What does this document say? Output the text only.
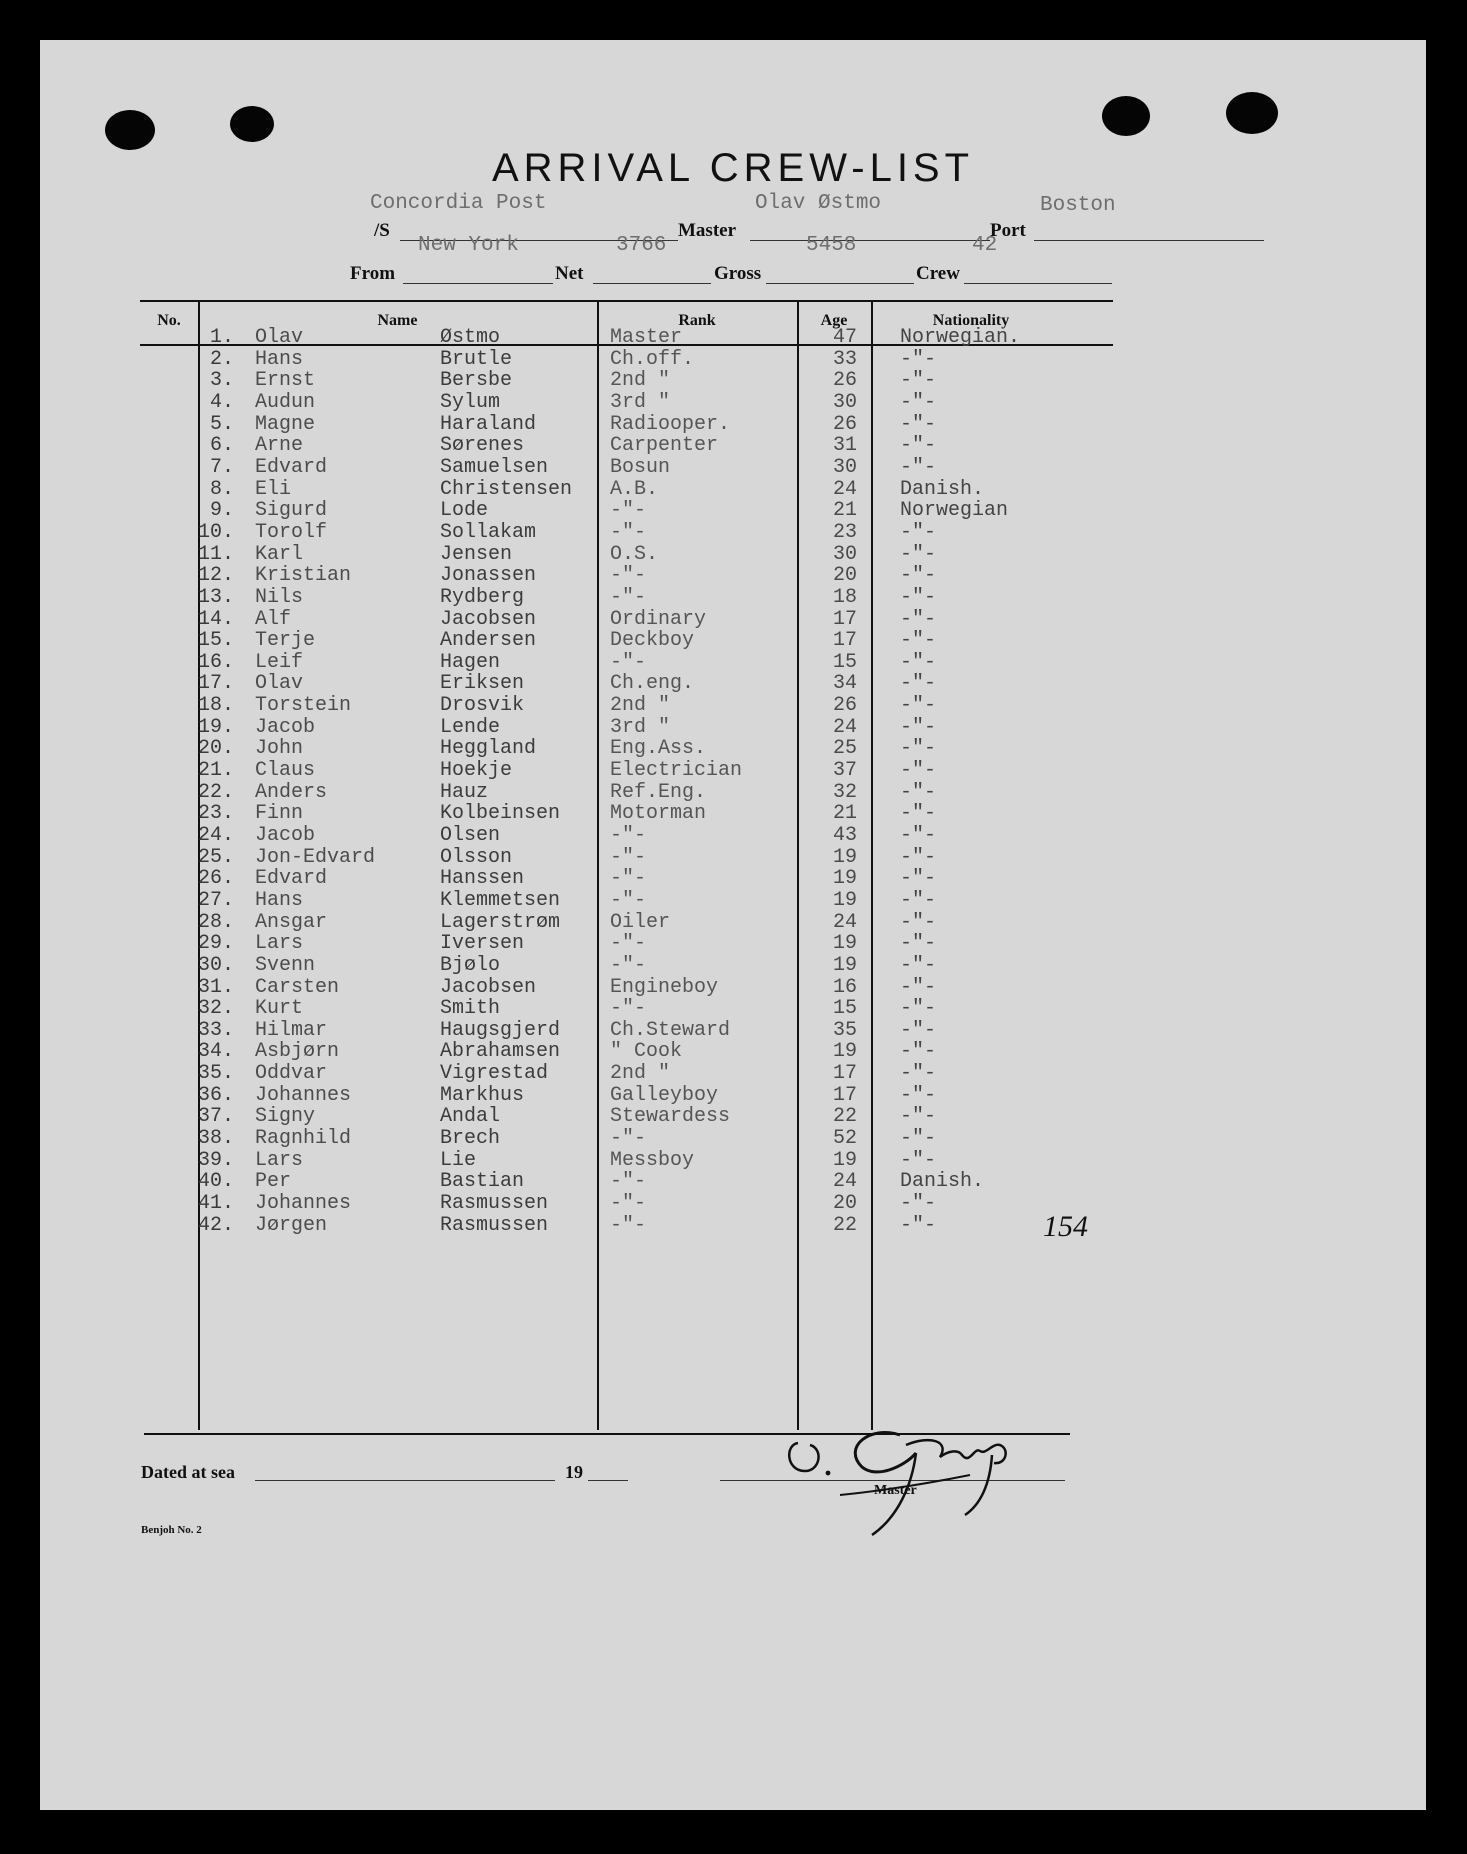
ARRIVAL CREW-LIST
/S	Master	Port
Concordia Post	Olav Østmo	Boston
From	Net	Gross	Crew
New York	3766	5458	42
No.	Name	Rank	Age	Nationality
1. Olav	Østmo	Master	47	Norwegian.
2. Hans	Brutle	Ch.off.	33	-"-
3. Ernst	Bersbe	2nd "	26	-"-
4. Audun	Sylum	3rd "	30	-"-
5. Magne	Haraland	Radiooper.	26	-"-
6. Arne	Sørenes	Carpenter	31	-"-
7. Edvard	Samuelsen	Bosun	30	-"-
8. Eli	Christensen	A.B.	24	Danish.
9. Sigurd	Lode	-"-	21	Norwegian
10. Torolf	Sollakam	-"-	23	-"-
11. Karl	Jensen	O.S.	30	-"-
12. Kristian	Jonassen	-"-	20	-"-
13. Nils	Rydberg	-"-	18	-"-
14. Alf	Jacobsen	Ordinary	17	-"-
15. Terje	Andersen	Deckboy	17	-"-
16. Leif	Hagen	-"-	15	-"-
17. Olav	Eriksen	Ch.eng.	34	-"-
18. Torstein	Drosvik	2nd "	26	-"-
19. Jacob	Lende	3rd "	24	-"-
20. John	Heggland	Eng.Ass.	25	-"-
21. Claus	Hoekje	Electrician	37	-"-
22. Anders	Hauz	Ref.Eng.	32	-"-
23. Finn	Kolbeinsen	Motorman	21	-"-
24. Jacob	Olsen	-"-	43	-"-
25. Jon-Edvard	Olsson	-"-	19	-"-
26. Edvard	Hanssen	-"-	19	-"-
27. Hans	Klemmetsen	-"-	19	-"-
28. Ansgar	Lagerstrøm	Oiler	24	-"-
29. Lars	Iversen	-"-	19	-"-
30. Svenn	Bjølo	-"-	19	-"-
31. Carsten	Jacobsen	Engineboy	16	-"-
32. Kurt	Smith	-"-	15	-"-
33. Hilmar	Haugsgjerd	Ch.Steward	35	-"-
34. Asbjørn	Abrahamsen	" Cook	19	-"-
35. Oddvar	Vigrestad	2nd "	17	-"-
36. Johannes	Markhus	Galleyboy	17	-"-
37. Signy	Andal	Stewardess	22	-"-
38. Ragnhild	Brech	-"-	52	-"-
39. Lars	Lie	Messboy	19	-"-
40. Per	Bastian	-"-	24	Danish.
41. Johannes	Rasmussen	-"-	20	-"-
42. Jørgen	Rasmussen	-"-	22	-"-
Dated at sea	19
Master
Benjoh No. 2
154
